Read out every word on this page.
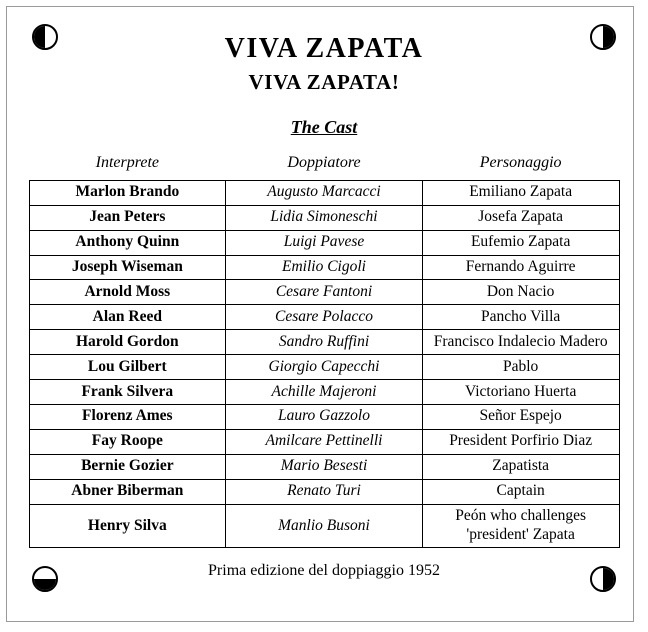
VIVA ZAPATA
VIVA ZAPATA!
The Cast
Interprete	Doppiatore	Personaggio
Marlon Brando	Augusto Marcacci	Emiliano Zapata
Jean Peters	Lidia Simoneschi	Josefa Zapata
Anthony Quinn	Luigi Pavese	Eufemio Zapata
Joseph Wiseman	Emilio Cigoli	Fernando Aguirre
Arnold Moss	Cesare Fantoni	Don Nacio
Alan Reed	Cesare Polacco	Pancho Villa
Harold Gordon	Sandro Ruffini	Francisco Indalecio Madero
Lou Gilbert	Giorgio Capecchi	Pablo
Frank Silvera	Achille Majeroni	Victoriano Huerta
Florenz Ames	Lauro Gazzolo	Señor Espejo
Fay Roope	Amilcare Pettinelli	President Porfirio Diaz
Bernie Gozier	Mario Besesti	Zapatista
Abner Biberman	Renato Turi	Captain
Henry Silva	Manlio Busoni	Peón who challenges
'president' Zapata
Prima edizione del doppiaggio 1952
